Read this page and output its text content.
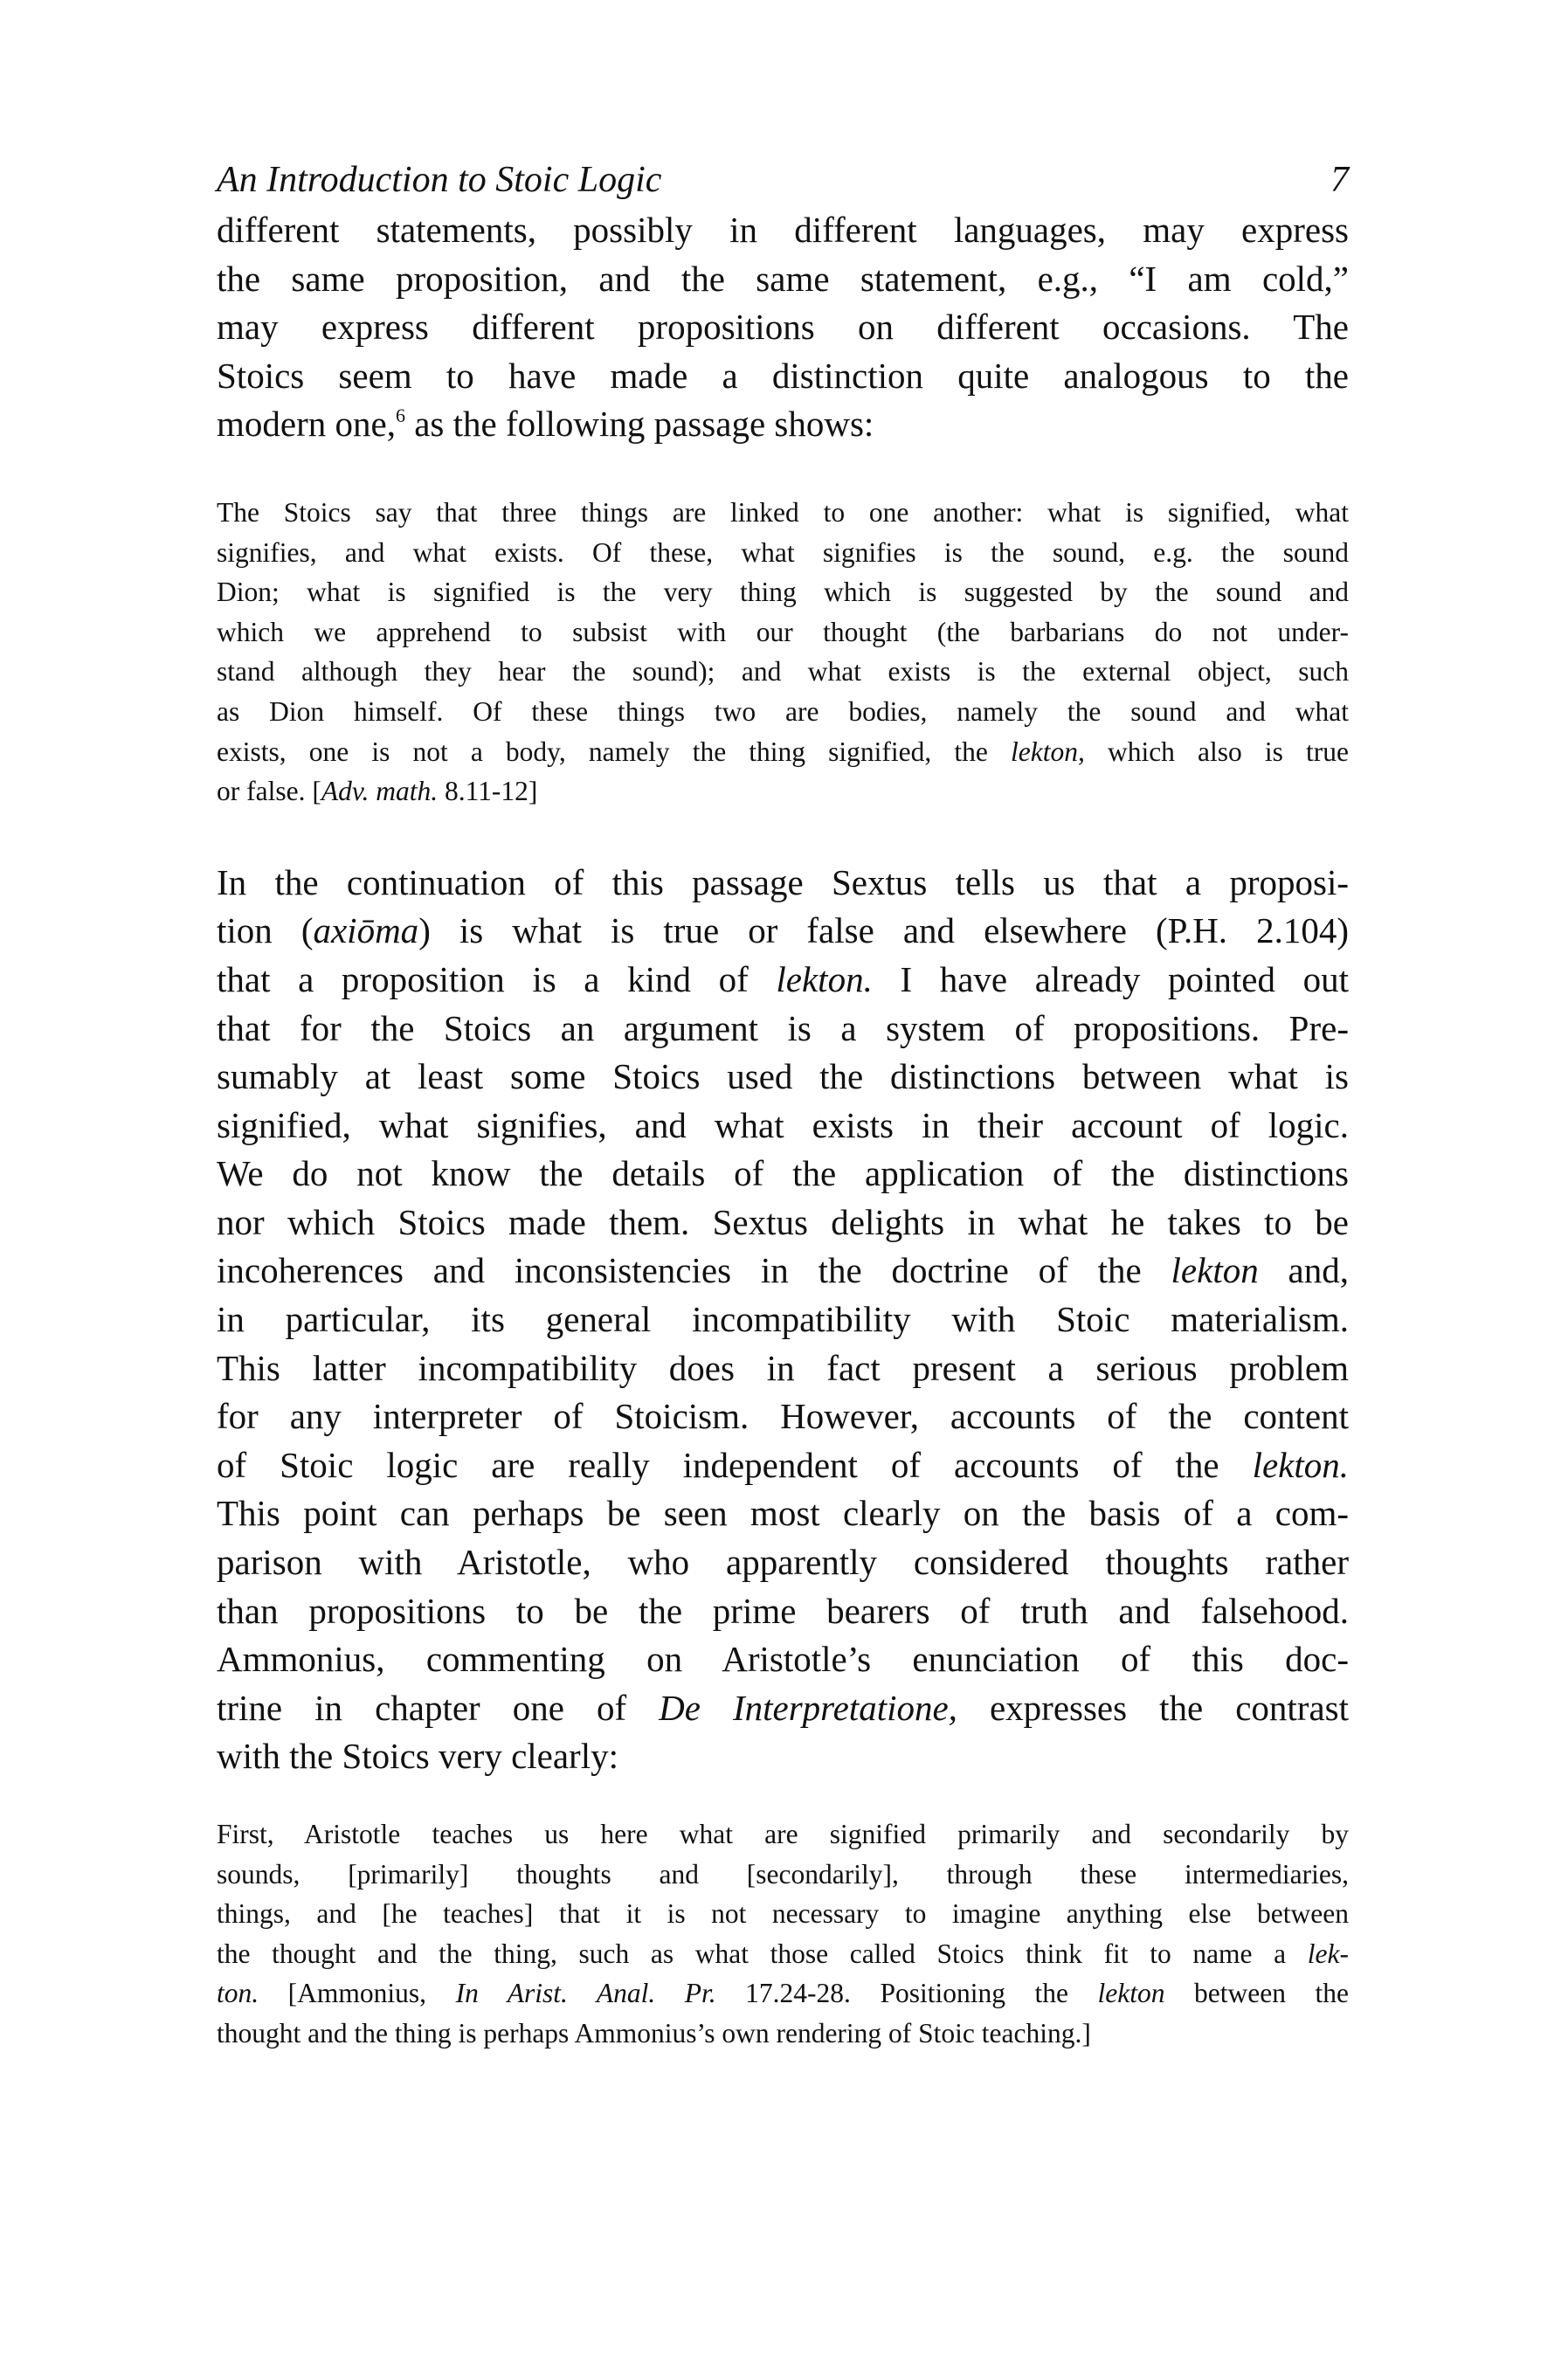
An Introduction to Stoic Logic	7

different statements, possibly in different languages, may express
the same proposition, and the same statement, e.g., “I am cold,”
may express different propositions on different occasions. The
Stoics seem to have made a distinction quite analogous to the
modern one,$^6$ as the following passage shows:

The Stoics say that three things are linked to one another: what is signified, what
signifies, and what exists. Of these, what signifies is the sound, e.g. the sound
Dion; what is signified is the very thing which is suggested by the sound and
which we apprehend to subsist with our thought (the barbarians do not under-
stand although they hear the sound); and what exists is the external object, such
as Dion himself. Of these things two are bodies, namely the sound and what
exists, one is not a body, namely the thing signified, the lekton, which also is true
or false. [Adv. math. 8.11-12]

In the continuation of this passage Sextus tells us that a proposi-
tion (axiōma) is what is true or false and elsewhere (P.H. 2.104)
that a proposition is a kind of lekton. I have already pointed out
that for the Stoics an argument is a system of propositions. Pre-
sumably at least some Stoics used the distinctions between what is
signified, what signifies, and what exists in their account of logic.
We do not know the details of the application of the distinctions
nor which Stoics made them. Sextus delights in what he takes to be
incoherences and inconsistencies in the doctrine of the lekton and,
in particular, its general incompatibility with Stoic materialism.
This latter incompatibility does in fact present a serious problem
for any interpreter of Stoicism. However, accounts of the content
of Stoic logic are really independent of accounts of the lekton.
This point can perhaps be seen most clearly on the basis of a com-
parison with Aristotle, who apparently considered thoughts rather
than propositions to be the prime bearers of truth and falsehood.
Ammonius, commenting on Aristotle’s enunciation of this doc-
trine in chapter one of De Interpretatione, expresses the contrast
with the Stoics very clearly:

First, Aristotle teaches us here what are signified primarily and secondarily by
sounds, [primarily] thoughts and [secondarily], through these intermediaries,
things, and [he teaches] that it is not necessary to imagine anything else between
the thought and the thing, such as what those called Stoics think fit to name a lek-
ton. [Ammonius, In Arist. Anal. Pr. 17.24-28. Positioning the lekton between the
thought and the thing is perhaps Ammonius’s own rendering of Stoic teaching.]
